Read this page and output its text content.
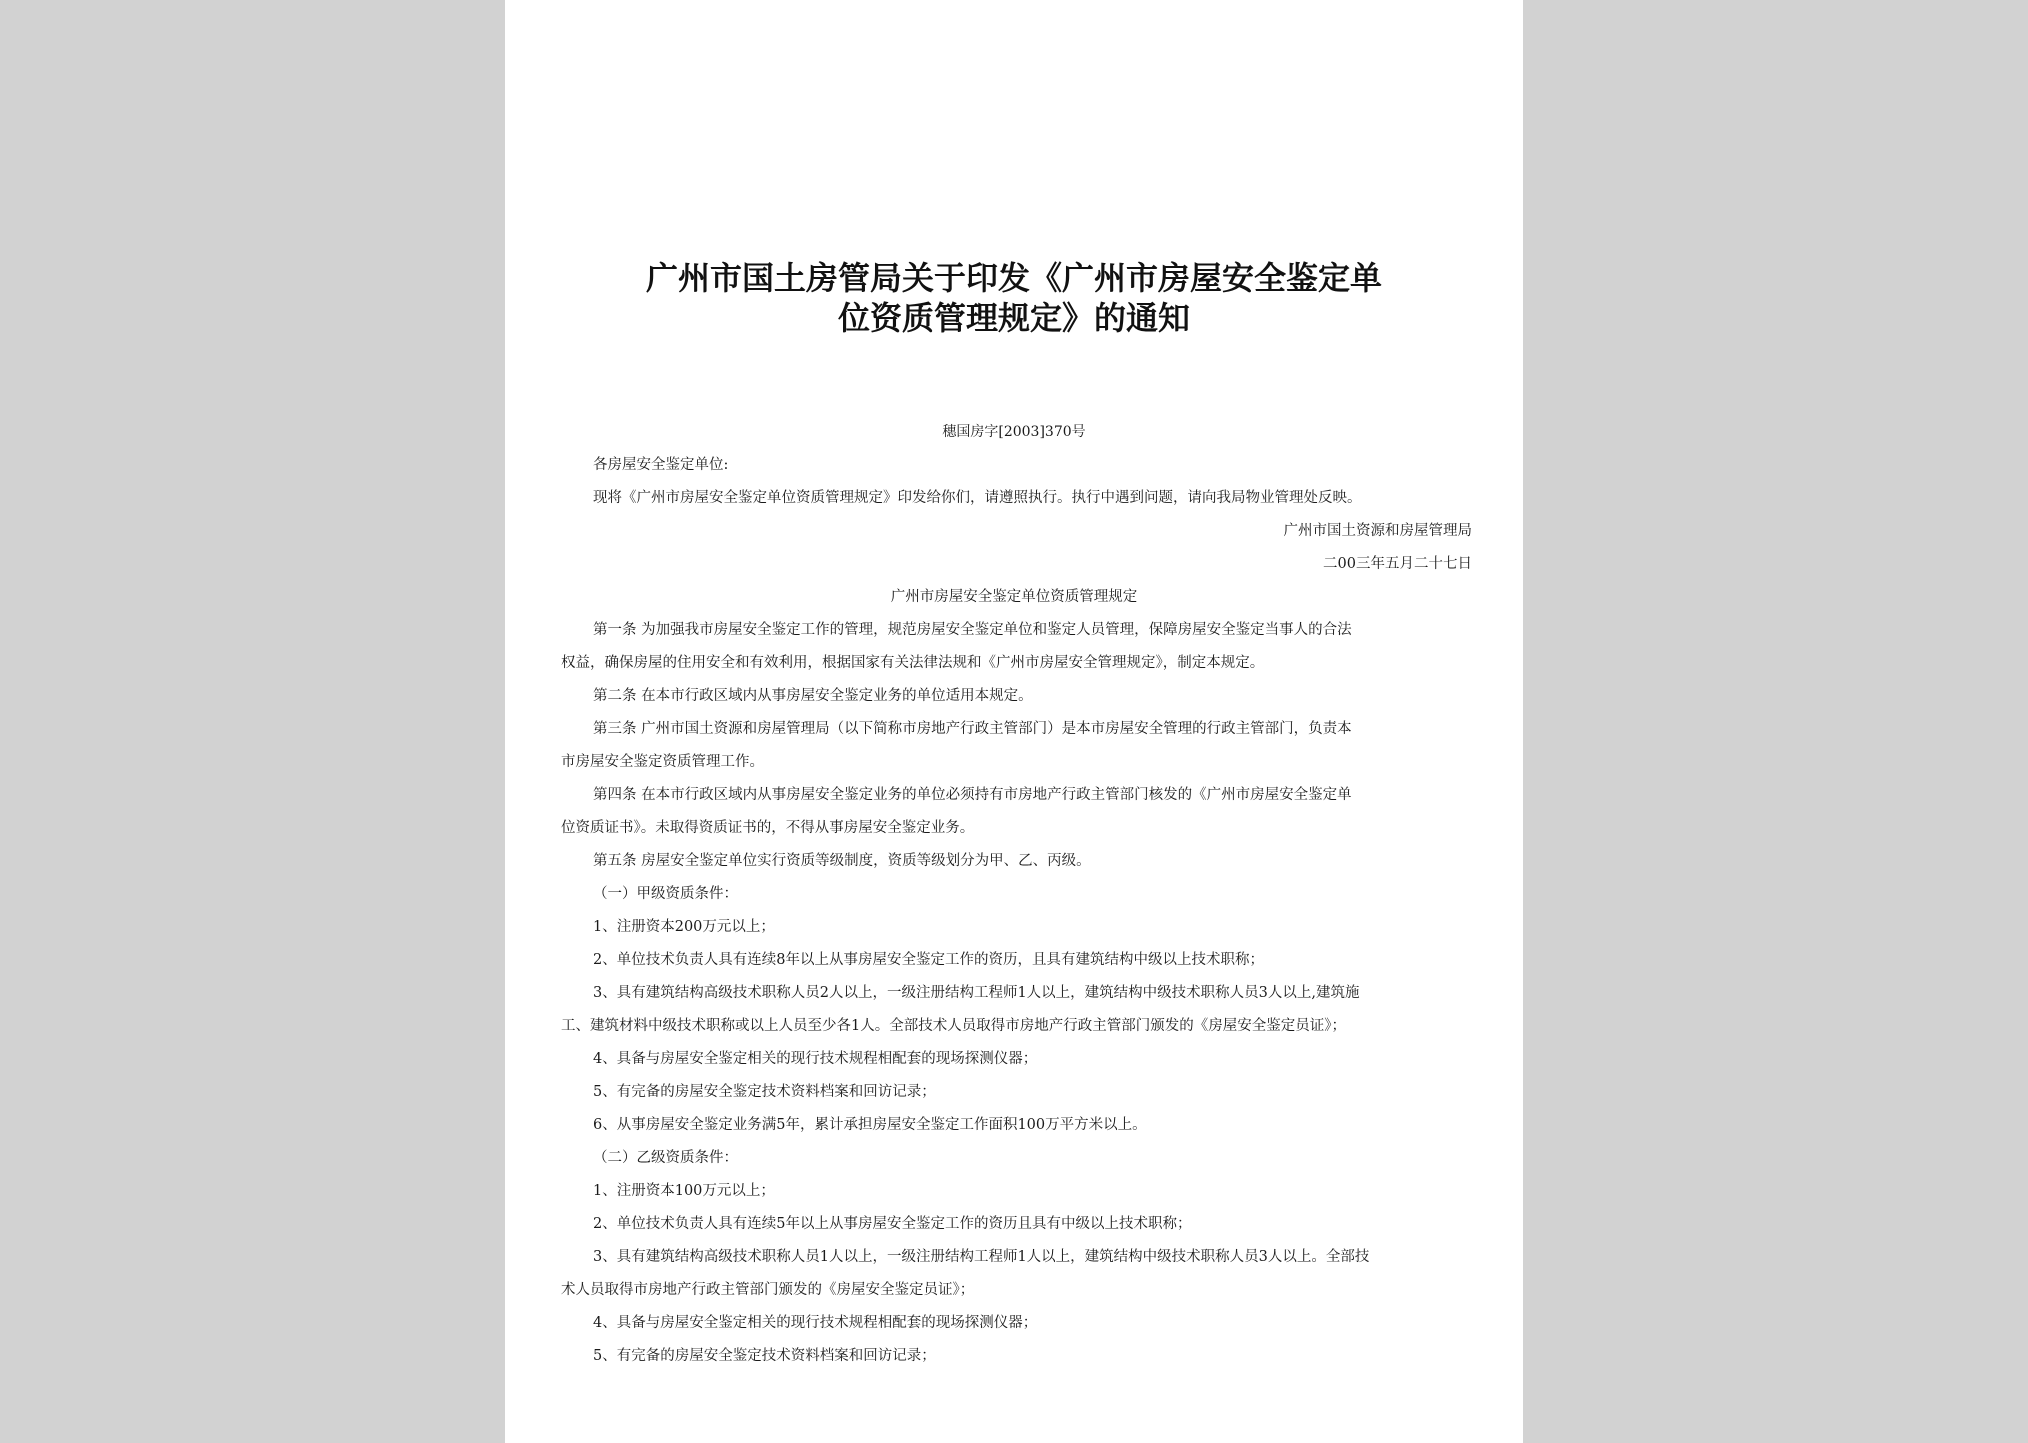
广州市国土房管局关于印发《广州市房屋安全鉴定单
位资质管理规定》的通知
穗国房字[2003]370号
各房屋安全鉴定单位:
现将《广州市房屋安全鉴定单位资质管理规定》印发给你们，请遵照执行。执行中遇到问题，请向我局物业管理处反映。
广州市国土资源和房屋管理局
二00三年五月二十七日
广州市房屋安全鉴定单位资质管理规定
第一条 为加强我市房屋安全鉴定工作的管理，规范房屋安全鉴定单位和鉴定人员管理，保障房屋安全鉴定当事人的合法
权益，确保房屋的住用安全和有效利用，根据国家有关法律法规和《广州市房屋安全管理规定》，制定本规定。
第二条 在本市行政区域内从事房屋安全鉴定业务的单位适用本规定。
第三条 广州市国土资源和房屋管理局（以下简称市房地产行政主管部门）是本市房屋安全管理的行政主管部门，负责本
市房屋安全鉴定资质管理工作。
第四条 在本市行政区域内从事房屋安全鉴定业务的单位必须持有市房地产行政主管部门核发的《广州市房屋安全鉴定单
位资质证书》。未取得资质证书的，不得从事房屋安全鉴定业务。
第五条 房屋安全鉴定单位实行资质等级制度，资质等级划分为甲、乙、丙级。
（一）甲级资质条件：
1、注册资本200万元以上；
2、单位技术负责人具有连续8年以上从事房屋安全鉴定工作的资历，且具有建筑结构中级以上技术职称；
3、具有建筑结构高级技术职称人员2人以上，一级注册结构工程师1人以上，建筑结构中级技术职称人员3人以上,建筑施
工、建筑材料中级技术职称或以上人员至少各1人。全部技术人员取得市房地产行政主管部门颁发的《房屋安全鉴定员证》；
4、具备与房屋安全鉴定相关的现行技术规程相配套的现场探测仪器；
5、有完备的房屋安全鉴定技术资料档案和回访记录；
6、从事房屋安全鉴定业务满5年，累计承担房屋安全鉴定工作面积100万平方米以上。
（二）乙级资质条件：
1、注册资本100万元以上；
2、单位技术负责人具有连续5年以上从事房屋安全鉴定工作的资历且具有中级以上技术职称；
3、具有建筑结构高级技术职称人员1人以上，一级注册结构工程师1人以上，建筑结构中级技术职称人员3人以上。全部技
术人员取得市房地产行政主管部门颁发的《房屋安全鉴定员证》；
4、具备与房屋安全鉴定相关的现行技术规程相配套的现场探测仪器；
5、有完备的房屋安全鉴定技术资料档案和回访记录；
